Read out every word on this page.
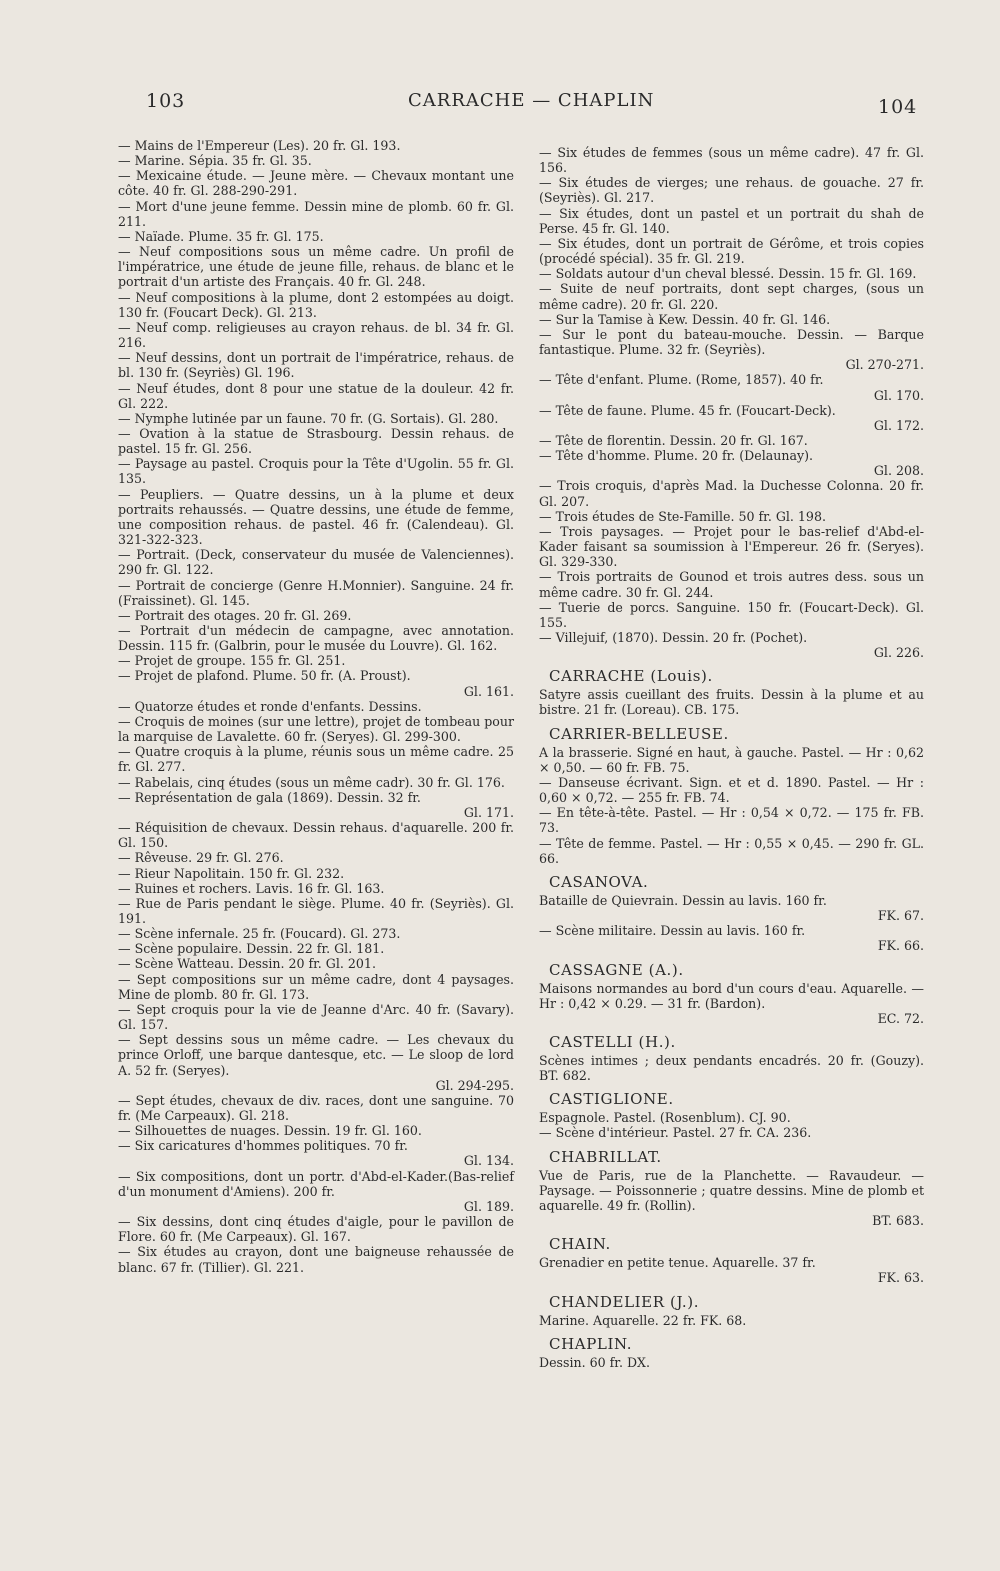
103	CARRACHE — CHAPLIN	104

— Mains de l'Empereur (Les). 20 fr. Gl. 193.

— Marine. Sépia. 35 fr. Gl. 35.

— Mexicaine étude. — Jeune mère. — Chevaux montant une côte. 40 fr. Gl. 288-290-291.

— Mort d'une jeune femme. Dessin mine de plomb. 60 fr. Gl. 211.

— Naïade. Plume. 35 fr. Gl. 175.

— Neuf compositions sous un même cadre. Un profil de l'impératrice, une étude de jeune fille, rehaus. de blanc et le portrait d'un artiste des Français. 40 fr. Gl. 248.

— Neuf compositions à la plume, dont 2 estompées au doigt. 130 fr. (Foucart Deck). Gl. 213.

— Neuf comp. religieuses au crayon rehaus. de bl. 34 fr. Gl. 216.

— Neuf dessins, dont un portrait de l'impératrice, rehaus. de bl. 130 fr. (Seyriès) Gl. 196.

— Neuf études, dont 8 pour une statue de la douleur. 42 fr. Gl. 222.

— Nymphe lutinée par un faune. 70 fr. (G. Sortais). Gl. 280.

— Ovation à la statue de Strasbourg. Dessin rehaus. de pastel. 15 fr. Gl. 256.

— Paysage au pastel. Croquis pour la Tête d'Ugolin. 55 fr. Gl. 135.

— Peupliers. — Quatre dessins, un à la plume et deux portraits rehaussés. — Quatre dessins, une étude de femme, une composition rehaus. de pastel. 46 fr. (Calendeau). Gl. 321-322-323.

— Portrait. (Deck, conservateur du musée de Valenciennes). 290 fr. Gl. 122.

— Portrait de concierge (Genre H.Monnier). Sanguine. 24 fr. (Fraissinet). Gl. 145.

— Portrait des otages. 20 fr. Gl. 269.

— Portrait d'un médecin de campagne, avec annotation. Dessin. 115 fr. (Galbrin, pour le musée du Louvre). Gl. 162.

— Projet de groupe. 155 fr. Gl. 251.

— Projet de plafond. Plume. 50 fr. (A. Proust).
Gl. 161.

— Quatorze études et ronde d'enfants. Dessins.

— Croquis de moines (sur une lettre), projet de tombeau pour la marquise de Lavalette. 60 fr. (Seryes). Gl. 299-300.

— Quatre croquis à la plume, réunis sous un même cadre. 25 fr. Gl. 277.

— Rabelais, cinq études (sous un même cadr). 30 fr. Gl. 176.

— Représentation de gala (1869). Dessin. 32 fr.
Gl. 171.

— Réquisition de chevaux. Dessin rehaus. d'aquarelle. 200 fr. Gl. 150.

— Rêveuse. 29 fr. Gl. 276.

— Rieur Napolitain. 150 fr. Gl. 232.

— Ruines et rochers. Lavis. 16 fr. Gl. 163.

— Rue de Paris pendant le siège. Plume. 40 fr. (Seyriès). Gl. 191.

— Scène infernale. 25 fr. (Foucard). Gl. 273.

— Scène populaire. Dessin. 22 fr. Gl. 181.

— Scène Watteau. Dessin. 20 fr. Gl. 201.

— Sept compositions sur un même cadre, dont 4 paysages. Mine de plomb. 80 fr. Gl. 173.

— Sept croquis pour la vie de Jeanne d'Arc. 40 fr. (Savary). Gl. 157.

— Sept dessins sous un même cadre. — Les chevaux du prince Orloff, une barque dantesque, etc. — Le sloop de lord A. 52 fr. (Seryes).
Gl. 294-295.

— Sept études, chevaux de div. races, dont une sanguine. 70 fr. (Me Carpeaux). Gl. 218.

— Silhouettes de nuages. Dessin. 19 fr. Gl. 160.

— Six caricatures d'hommes politiques. 70 fr.
Gl. 134.

— Six compositions, dont un portr. d'Abd-el-Kader.(Bas-relief d'un monument d'Amiens). 200 fr.
Gl. 189.

— Six dessins, dont cinq études d'aigle, pour le pavillon de Flore. 60 fr. (Me Carpeaux). Gl. 167.

— Six études au crayon, dont une baigneuse rehaussée de blanc. 67 fr. (Tillier). Gl. 221.

— Six études de femmes (sous un même cadre). 47 fr. Gl. 156.

— Six études de vierges; une rehaus. de gouache. 27 fr. (Seyriès). Gl. 217.

— Six études, dont un pastel et un portrait du shah de Perse. 45 fr. Gl. 140.

— Six études, dont un portrait de Gérôme, et trois copies (procédé spécial). 35 fr. Gl. 219.

— Soldats autour d'un cheval blessé. Dessin. 15 fr. Gl. 169.

— Suite de neuf portraits, dont sept charges, (sous un même cadre). 20 fr. Gl. 220.

— Sur la Tamise à Kew. Dessin. 40 fr. Gl. 146.

— Sur le pont du bateau-mouche. Dessin. — Barque fantastique. Plume. 32 fr. (Seyriès).
Gl. 270-271.

— Tête d'enfant. Plume. (Rome, 1857). 40 fr.
Gl. 170.

— Tête de faune. Plume. 45 fr. (Foucart-Deck).
Gl. 172.

— Tête de florentin. Dessin. 20 fr. Gl. 167.

— Tête d'homme. Plume. 20 fr. (Delaunay).
Gl. 208.

— Trois croquis, d'après Mad. la Duchesse Colonna. 20 fr. Gl. 207.

— Trois études de Ste-Famille. 50 fr. Gl. 198.

— Trois paysages. — Projet pour le bas-relief d'Abd-el-Kader faisant sa soumission à l'Empereur. 26 fr. (Seryes). Gl. 329-330.

— Trois portraits de Gounod et trois autres dess. sous un même cadre. 30 fr. Gl. 244.

— Tuerie de porcs. Sanguine. 150 fr. (Foucart-Deck). Gl. 155.

— Villejuif, (1870). Dessin. 20 fr. (Pochet).
Gl. 226.

CARRACHE (Louis).

Satyre assis cueillant des fruits. Dessin à la plume et au bistre. 21 fr. (Loreau). CB. 175.

CARRIER-BELLEUSE.

A la brasserie. Signé en haut, à gauche. Pastel. — Hr : 0,62 × 0,50. — 60 fr. FB. 75.

— Danseuse écrivant. Sign. et et d. 1890. Pastel. — Hr : 0,60 × 0,72. — 255 fr. FB. 74.

— En tête-à-tête. Pastel. — Hr : 0,54 × 0,72. — 175 fr. FB. 73.

— Tête de femme. Pastel. — Hr : 0,55 × 0,45. — 290 fr. GL. 66.

CASANOVA.

Bataille de Quievrain. Dessin au lavis. 160 fr.
FK. 67.

— Scène militaire. Dessin au lavis. 160 fr.
FK. 66.

CASSAGNE (A.).

Maisons normandes au bord d'un cours d'eau. Aquarelle. — Hr : 0,42 × 0.29. — 31 fr. (Bardon).
EC. 72.

CASTELLI (H.).

Scènes intimes ; deux pendants encadrés. 20 fr. (Gouzy). BT. 682.

CASTIGLIONE.

Espagnole. Pastel. (Rosenblum). CJ. 90.

— Scène d'intérieur. Pastel. 27 fr. CA. 236.

CHABRILLAT.

Vue de Paris, rue de la Planchette. — Ravaudeur. — Paysage. — Poissonnerie ; quatre dessins. Mine de plomb et aquarelle. 49 fr. (Rollin).
BT. 683.

CHAIN.

Grenadier en petite tenue. Aquarelle. 37 fr.
FK. 63.

CHANDELIER (J.).

Marine. Aquarelle. 22 fr. FK. 68.

CHAPLIN.

Dessin. 60 fr. DX.
